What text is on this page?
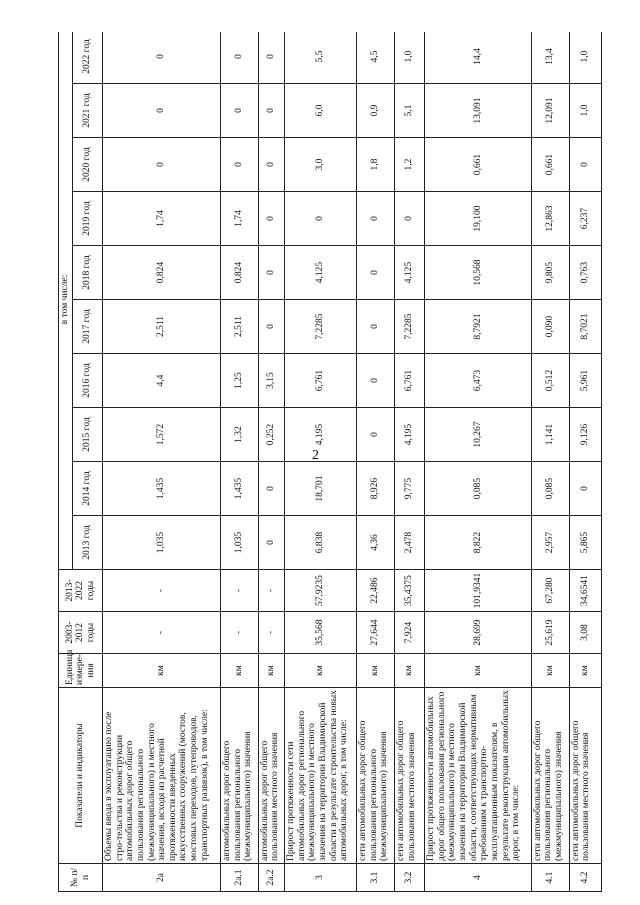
2
№ п/п	Показатели и индикаторы	Единица измере-ния	2003-2012 годы	2013-2022 годы	в том числе:										
					2013 год	2014 год	2015 год	2016 год	2017 год	2018 год	2019 год	2020 год	2021 год	2022 год	
2a	Объемы ввода в эксплуатацию после стро-тельства и реконструкции автомобильных дорог общего пользования регионального (межмуниципального) и местного значения, исходя из расчетной протяженности введенных искусственных сооружений (мостов, мостовых переходов, путепроводов, транспортных развязок), в том числе:	км	-	-	1,035	1,435	1,572	4,4	2,511	0,824	1,74	0	0	0	
2a.1	автомобильных дорог общего пользования регионального (межмуниципального) значения	км	-	-	1,035	1,435	1,32	1,25	2,511	0,824	1,74	0	0	0	
2a.2	автомобильных дорог общего пользования местного значения	км	-	-	0	0	0,252	3,15	0	0	0	0	0	0	
3	Прирост протяженности сети автомобильных дорог регионального (межмуниципального) и местного значения на территории Владимирской области в результате строительства новых автомобильных дорог, в том числе:	км	35,568	57,9235	6,838	18,701	4,195	6,761	7,2285	4,125	0	3,0	6,0	5,5	
3.1	сети автомобильных дорог общего пользования регионального (межмуниципального) значения	км	27,644	22,486	4,36	8,926	0	0	0	0	0	1,8	0,9	4,5	
3.2	сети автомобильных дорог общего пользования местного значения	км	7,924	35,4375	2,478	9,775	4,195	6,761	7,2285	4,125	0	1,2	5,1	1,0	
4	Прирост протяженности автомобильных дорог общего пользования регионального (межмуниципального) и местного значения на территории Владимирской области, соответствующих нормативным требованиям к транспортно-эксплуатационным показателям, в результате реконструкции автомобильных дорог, в том числе:	км	28,699	101,9341	8,822	0,085	10,267	6,473	8,7921	10,568	19,100	0,661	13,091	14,4	
4.1	сети автомобильных дорог общего пользования регионального (межмуниципального) значения	км	25,619	67,280	2,957	0,085	1,141	0,512	0,090	9,805	12,863	0,661	12,091	13,4	
4.2	сети автомобильных дорог общего пользования местного значения	км	3,08	34,6541	5,865	0	9,126	5,961	8,7021	0,763	6,237	0	1,0	1,0	
